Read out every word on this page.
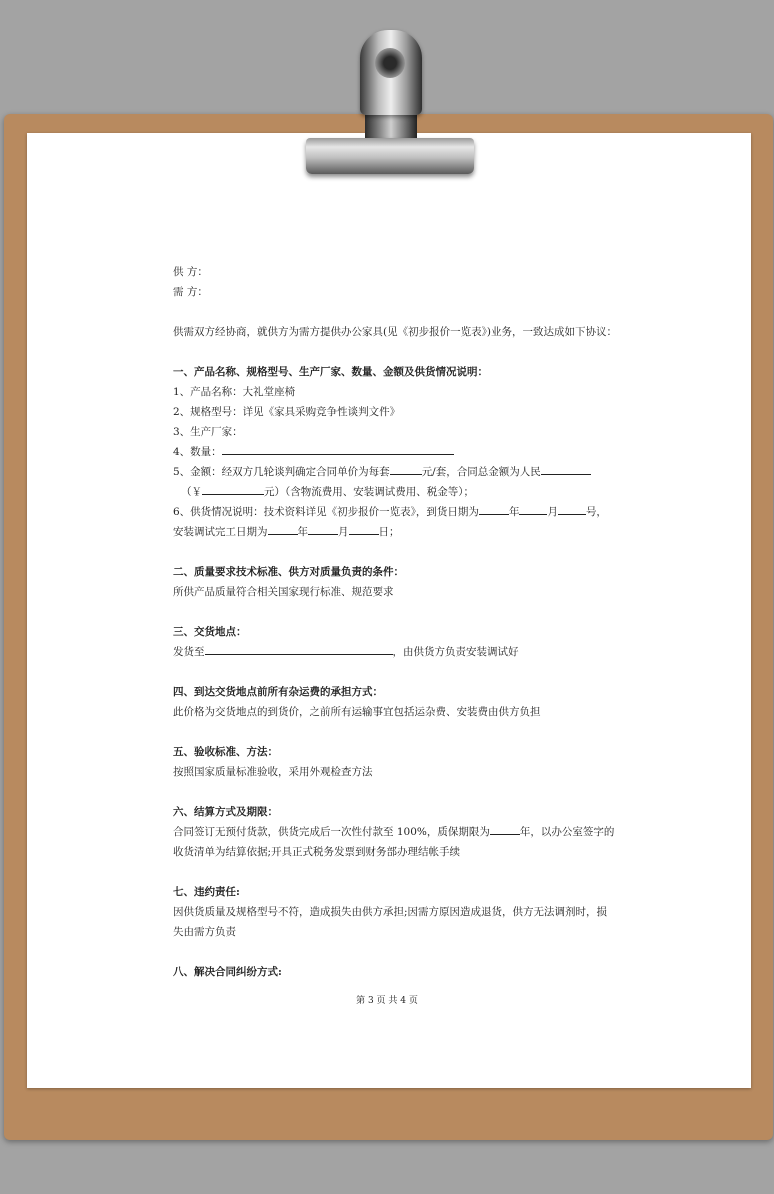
供 方：
需 方：
供需双方经协商，就供方为需方提供办公家具(见《初步报价一览表》)业务，一致达成如下协议：
一、产品名称、规格型号、生产厂家、数量、金额及供货情况说明：
1、产品名称：大礼堂座椅
2、规格型号：详见《家具采购竞争性谈判文件》
3、生产厂家：
4、数量：
5、金额：经双方几轮谈判确定合同单价为每套	元/套，合同总金额为人民
（￥	元）（含物流费用、安装调试费用、税金等）；
6、供货情况说明：技术资料详见《初步报价一览表》，到货日期为	年	月	号，
安装调试完工日期为	年	月	日；
二、质量要求技术标准、供方对质量负责的条件：
所供产品质量符合相关国家现行标准、规范要求
三、交货地点：
发货至	，由供货方负责安装调试好
四、到达交货地点前所有杂运费的承担方式：
此价格为交货地点的到货价，之前所有运输事宜包括运杂费、安装费由供方负担
五、验收标准、方法：
按照国家质量标准验收，采用外观检查方法
六、结算方式及期限：
合同签订无预付货款，供货完成后一次性付款至 100%，质保期限为	年，以办公室签字的
收货清单为结算依据;开具正式税务发票到财务部办理结帐手续
七、违约责任:
因供货质量及规格型号不符，造成损失由供方承担;因需方原因造成退货，供方无法调剂时，损
失由需方负责
八、解决合同纠纷方式:
第 3 页 共 4 页
